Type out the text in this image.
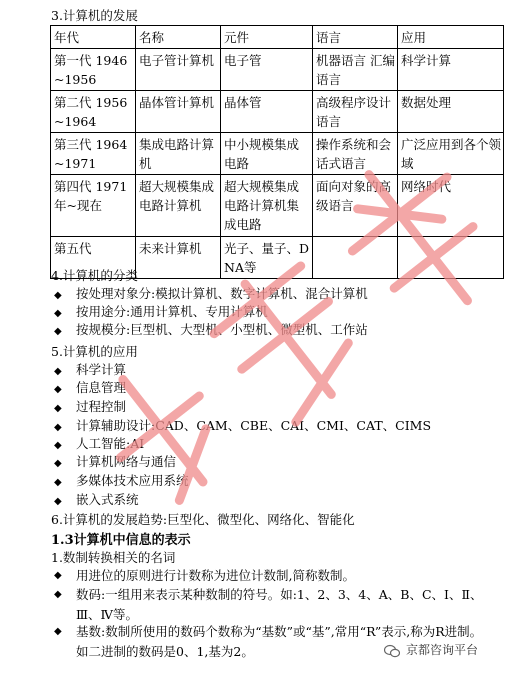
3.计算机的发展
年代	名称	元件	语言	应用
第一代 1946~1956	电子管计算机	电子管	机器语言 汇编语言	科学计算
第二代 1956~1964	晶体管计算机	晶体管	高级程序设计语言	数据处理
第三代 1964~1971	集成电路计算机	中小规模集成电路	操作系统和会话式语言	广泛应用到各个领域
第四代 1971年~现在	超大规模集成电路计算机	超大规模集成电路计算机集成电路	面向对象的高级语言	网络时代
第五代	未来计算机	光子、量子、DNA等		
4.计算机的分类
◆ 按处理对象分:模拟计算机、数字计算机、混合计算机
◆ 按用途分:通用计算机、专用计算机
◆ 按规模分:巨型机、大型机、小型机、微型机、工作站
5.计算机的应用
◆ 科学计算
◆ 信息管理
◆ 过程控制
◆ 计算辅助设计:CAD、CAM、CBE、CAI、CMI、CAT、CIMS
◆ 人工智能:AI
◆ 计算机网络与通信
◆ 多媒体技术应用系统
◆ 嵌入式系统
6.计算机的发展趋势:巨型化、微型化、网络化、智能化
1.3计算机中信息的表示
1.数制转换相关的名词
◆ 用进位的原则进行计数称为进位计数制,简称数制。
◆ 数码:一组用来表示某种数制的符号。如:1、2、3、4、A、B、C、I、Ⅱ、Ⅲ、Ⅳ等。
◆ 基数:数制所使用的数码个数称为“基数”或“基”,常用“R”表示,称为R进制。如二进制的数码是0、1,基为2。	京都咨询平台
